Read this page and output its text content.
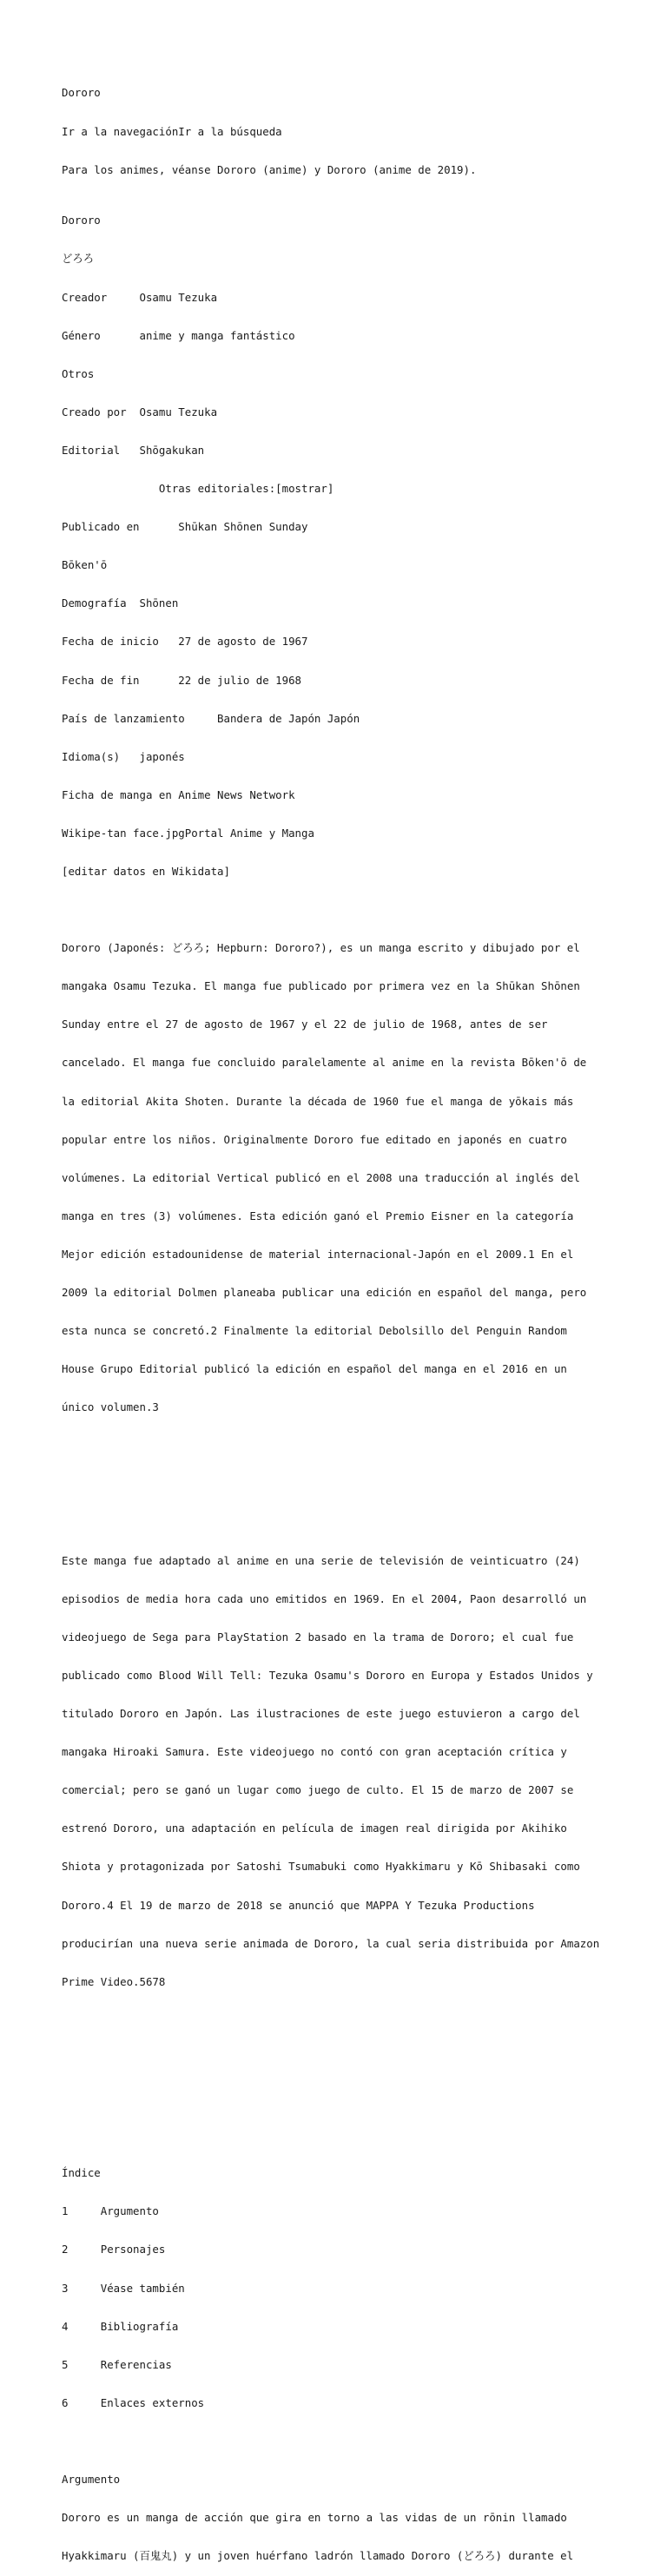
Dororo

Ir a la navegaciónIr a la búsqueda

Para los animes, véanse Dororo (anime) y Dororo (anime de 2019).

Dororo

どろろ

Creador     Osamu Tezuka

Género      anime y manga fantástico

Otros

Creado por  Osamu Tezuka

Editorial   Shōgakukan

Otras editoriales:[mostrar]

Publicado en      Shūkan Shōnen Sunday

Bōken'ō

Demografía  Shōnen

Fecha de inicio   27 de agosto de 1967

Fecha de fin      22 de julio de 1968

País de lanzamiento     Bandera de Japón Japón

Idioma(s)   japonés

Ficha de manga en Anime News Network

Wikipe-tan face.jpgPortal Anime y Manga

[editar datos en Wikidata]

Dororo (Japonés: どろろ; Hepburn: Dororo?), es un manga escrito y dibujado por el

mangaka Osamu Tezuka. El manga fue publicado por primera vez en la Shūkan Shōnen

Sunday entre el 27 de agosto de 1967 y el 22 de julio de 1968, antes de ser

cancelado. El manga fue concluido paralelamente al anime en la revista Bōken'ō de

la editorial Akita Shoten. Durante la década de 1960 fue el manga de yōkais más

popular entre los niños. Originalmente Dororo fue editado en japonés en cuatro

volúmenes. La editorial Vertical publicó en el 2008 una traducción al inglés del

manga en tres (3) volúmenes. Esta edición ganó el Premio Eisner en la categoría

Mejor edición estadounidense de material internacional-Japón en el 2009.1 En el

2009 la editorial Dolmen planeaba publicar una edición en español del manga, pero

esta nunca se concretó.2 Finalmente la editorial Debolsillo del Penguin Random

House Grupo Editorial publicó la edición en español del manga en el 2016 en un

único volumen.3

Este manga fue adaptado al anime en una serie de televisión de veinticuatro (24)

episodios de media hora cada uno emitidos en 1969. En el 2004, Paon desarrolló un

videojuego de Sega para PlayStation 2 basado en la trama de Dororo; el cual fue

publicado como Blood Will Tell: Tezuka Osamu's Dororo en Europa y Estados Unidos y

titulado Dororo en Japón. Las ilustraciones de este juego estuvieron a cargo del

mangaka Hiroaki Samura. Este videojuego no contó con gran aceptación crítica y

comercial; pero se ganó un lugar como juego de culto. El 15 de marzo de 2007 se

estrenó Dororo, una adaptación en película de imagen real dirigida por Akihiko

Shiota y protagonizada por Satoshi Tsumabuki como Hyakkimaru y Kō Shibasaki como

Dororo.4 El 19 de marzo de 2018 se anunció que MAPPA Y Tezuka Productions

producirían una nueva serie animada de Dororo, la cual seria distribuida por Amazon

Prime Video.5678

Índice

1     Argumento

2     Personajes

3     Véase también

4     Bibliografía

5     Referencias

6     Enlaces externos

Argumento

Dororo es un manga de acción que gira en torno a las vidas de un rōnin llamado

Hyakkimaru (百鬼丸) y un joven huérfano ladrón llamado Dororo (どろろ) durante el
